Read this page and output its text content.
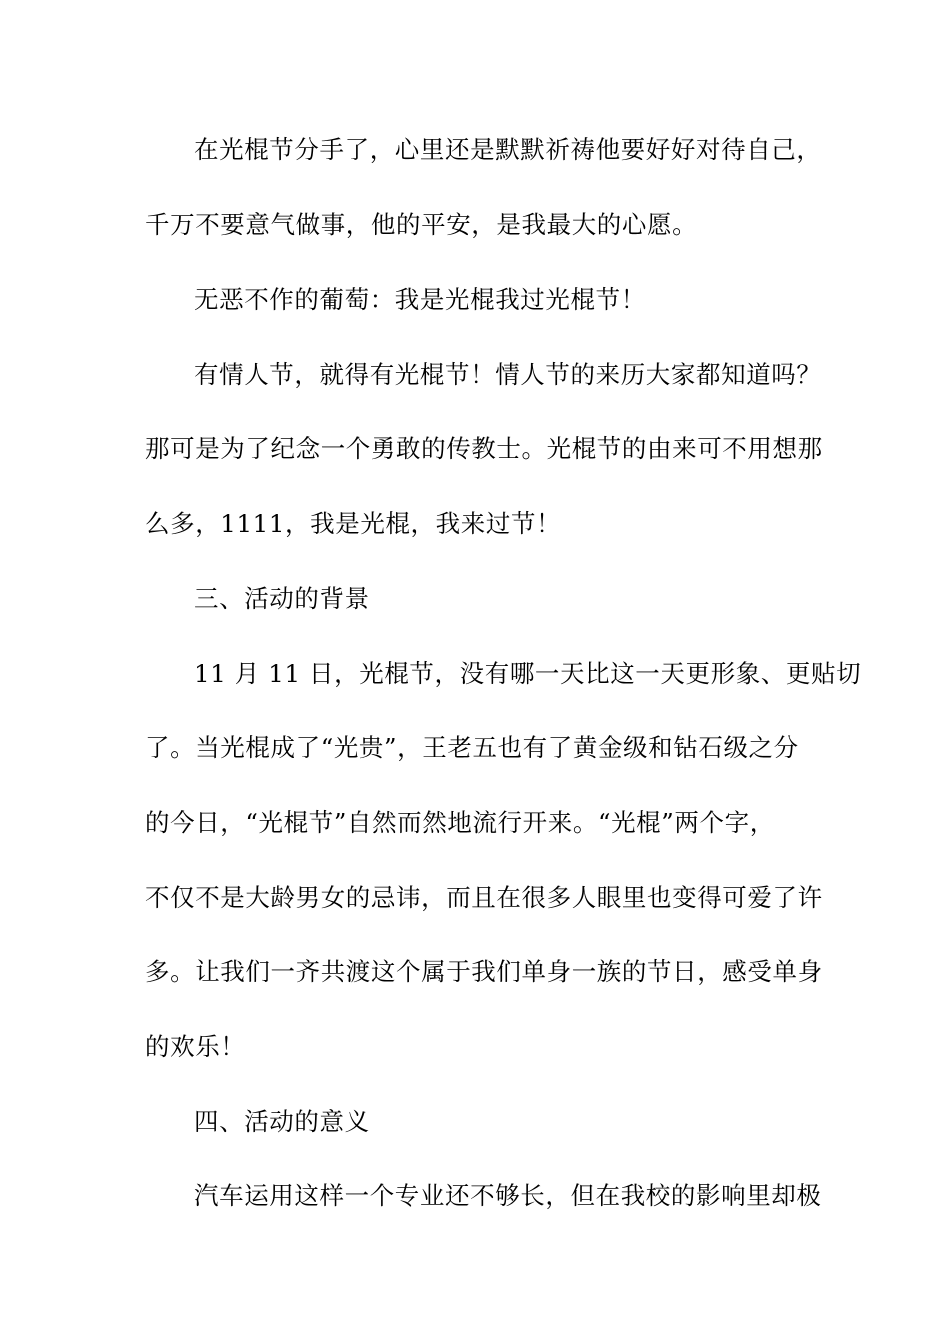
在光棍节分手了，心里还是默默祈祷他要好好对待自己，
千万不要意气做事，他的平安，是我最大的心愿。
无恶不作的葡萄：我是光棍我过光棍节！
有情人节，就得有光棍节！情人节的来历大家都知道吗？
那可是为了纪念一个勇敢的传教士。光棍节的由来可不用想那
么多，1111，我是光棍，我来过节！
三、活动的背景
11 月 11 日，光棍节，没有哪一天比这一天更形象、更贴切
了。当光棍成了“光贵”，王老五也有了黄金级和钻石级之分
的今日，“光棍节”自然而然地流行开来。“光棍”两个字，
不仅不是大龄男女的忌讳，而且在很多人眼里也变得可爱了许
多。让我们一齐共渡这个属于我们单身一族的节日，感受单身
的欢乐！
四、活动的意义
汽车运用这样一个专业还不够长，但在我校的影响里却极
